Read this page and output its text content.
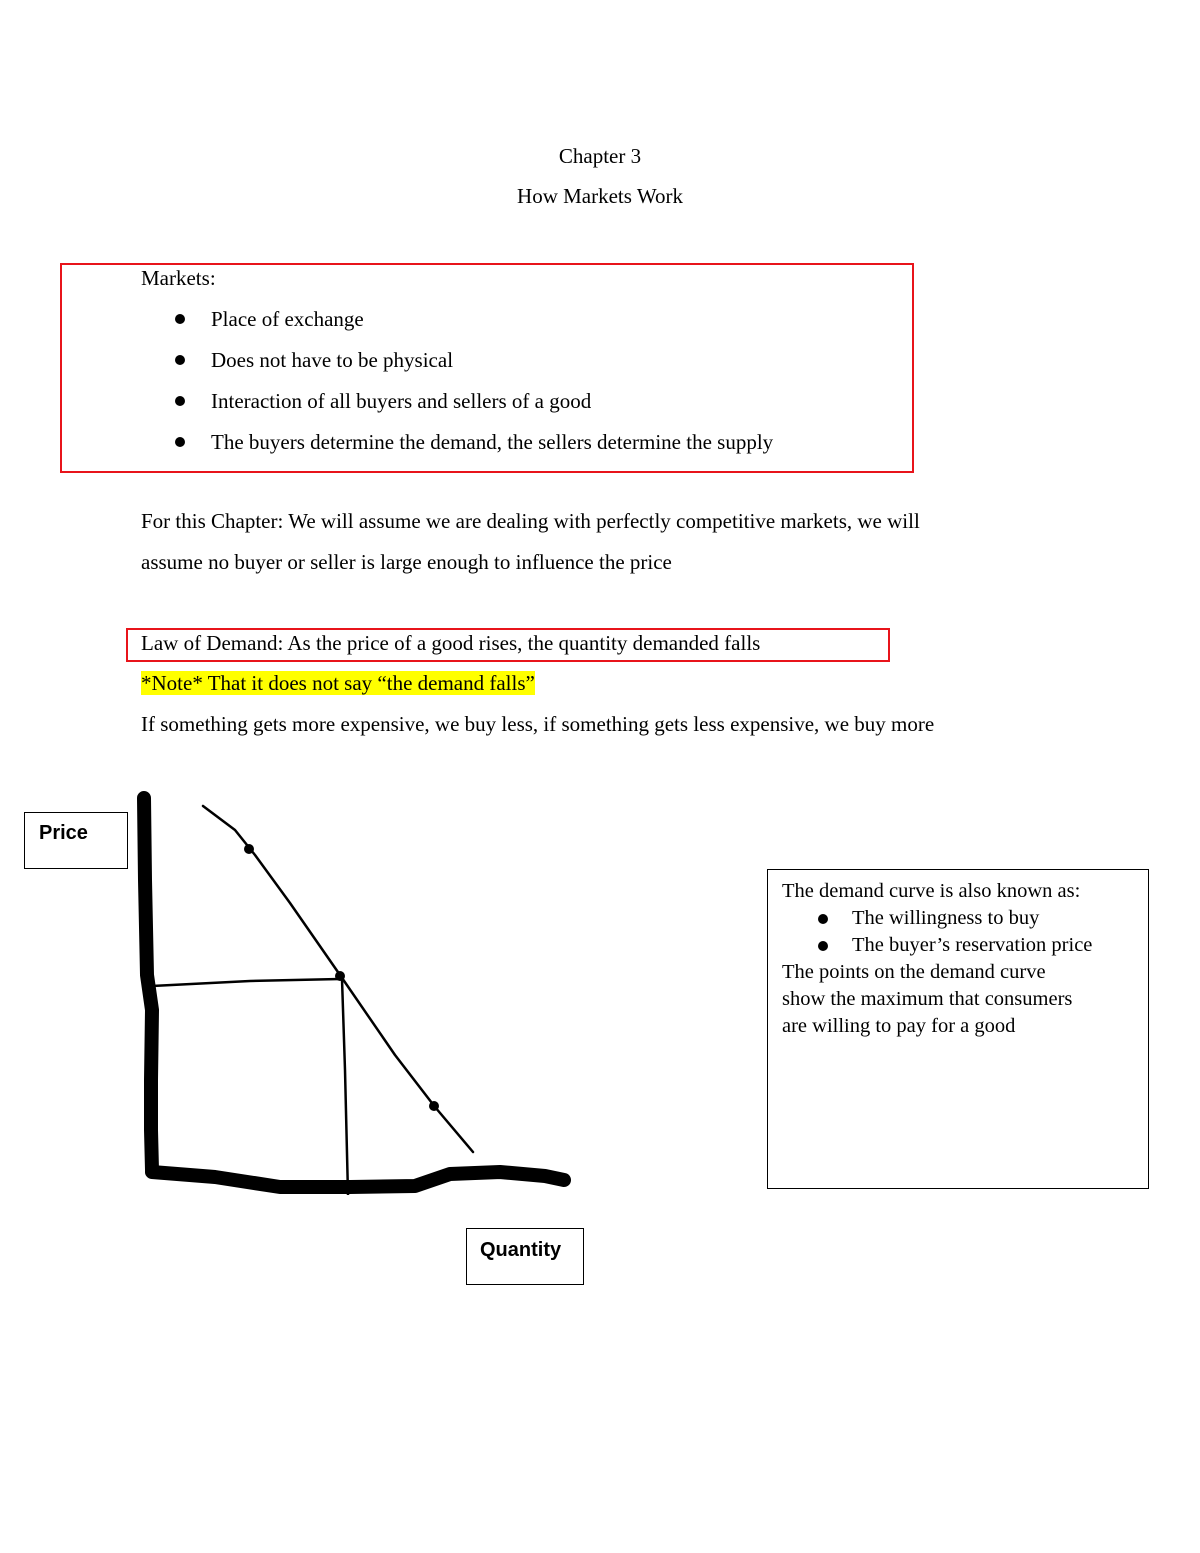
Chapter 3
How Markets Work
Markets:
Place of exchange
Does not have to be physical
Interaction of all buyers and sellers of a good
The buyers determine the demand, the sellers determine the supply
For this Chapter: We will assume we are dealing with perfectly competitive markets, we will
assume no buyer or seller is large enough to influence the price
Law of Demand: As the price of a good rises, the quantity demanded falls
*Note* That it does not say “the demand falls”
If something gets more expensive, we buy less, if something gets less expensive, we buy more
Price
Quantity
The demand curve is also known as:
The willingness to buy
The buyer’s reservation price
The points on the demand curve
show the maximum that consumers
are willing to pay for a good
